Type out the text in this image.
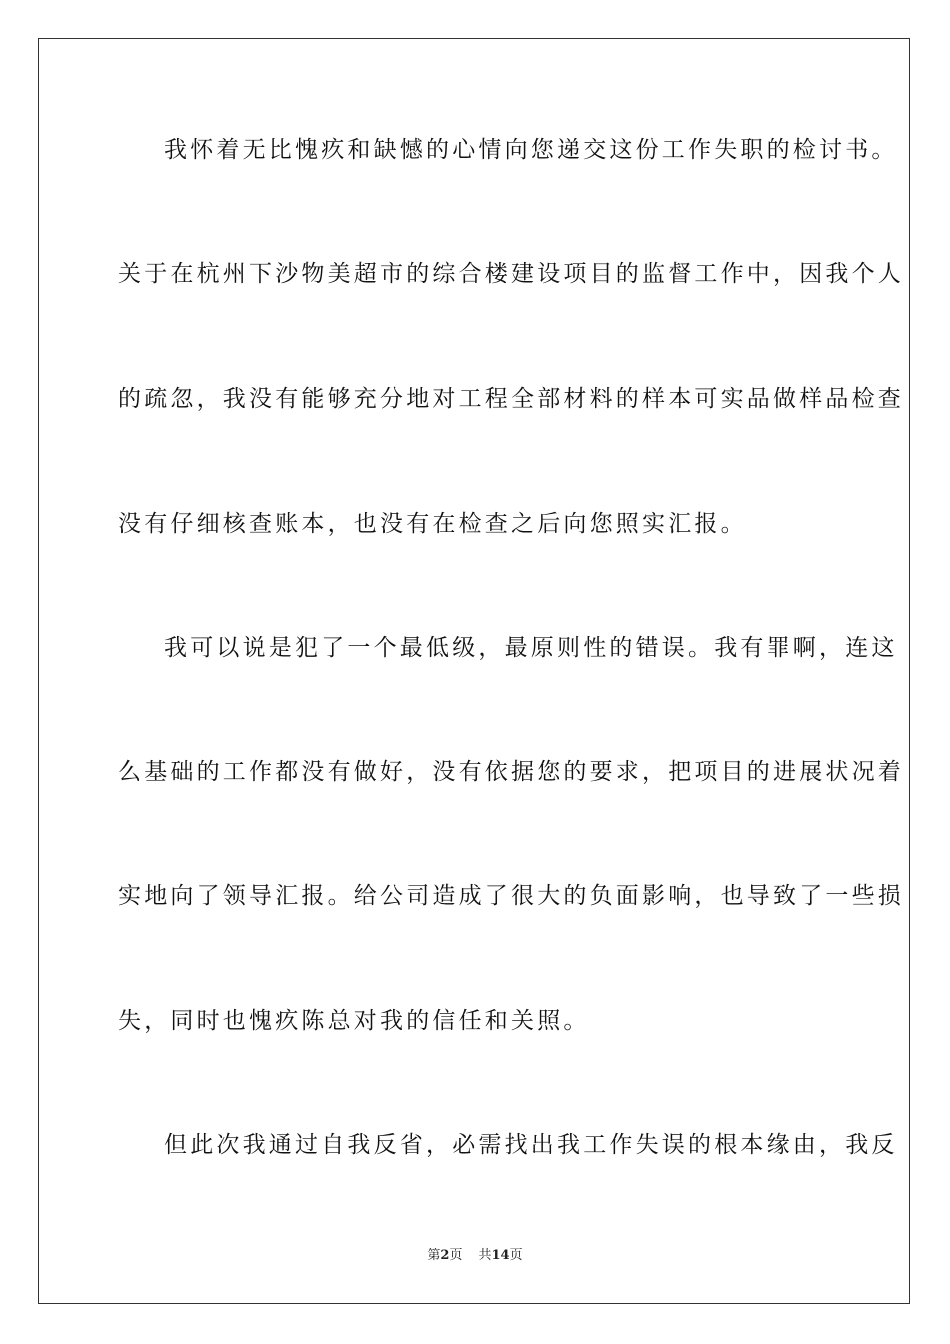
我怀着无比愧疚和缺憾的心情向您递交这份工作失职的检讨书。
关于在杭州下沙物美超市的综合楼建设项目的监督工作中，因我个人
的疏忽，我没有能够充分地对工程全部材料的样本可实品做样品检查
没有仔细核查账本，也没有在检查之后向您照实汇报。
我可以说是犯了一个最低级，最原则性的错误。我有罪啊，连这
么基础的工作都没有做好，没有依据您的要求，把项目的进展状况着
实地向了领导汇报。给公司造成了很大的负面影响，也导致了一些损
失，同时也愧疚陈总对我的信任和关照。
但此次我通过自我反省，必需找出我工作失误的根本缘由，我反
第2页 共14页
